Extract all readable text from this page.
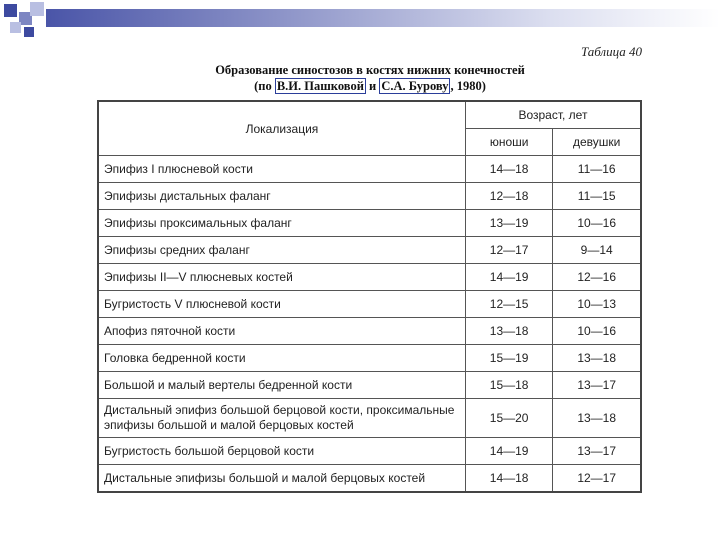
Таблица 40
Образование синостозов в костях нижних конечностей
(по В.И. Пашковой и С.А. Бурову , 1980)
Локализация	Возраст, лет	
	юноши	девушки
Эпифиз I плюсневой кости	14—18	11—16
Эпифизы дистальных фаланг	12—18	11—15
Эпифизы проксимальных фаланг	13—19	10—16
Эпифизы средних фаланг	12—17	9—14
Эпифизы II—V плюсневых костей	14—19	12—16
Бугристость V плюсневой кости	12—15	10—13
Апофиз пяточной кости	13—18	10—16
Головка бедренной кости	15—19	13—18
Большой и малый вертелы бедренной кости	15—18	13—17
Дистальный эпифиз большой берцовой кости, проксимальные эпифизы большой и малой берцовых костей	15—20	13—18
Бугристость большой берцовой кости	14—19	13—17
Дистальные эпифизы большой и малой берцовых костей	14—18	12—17
